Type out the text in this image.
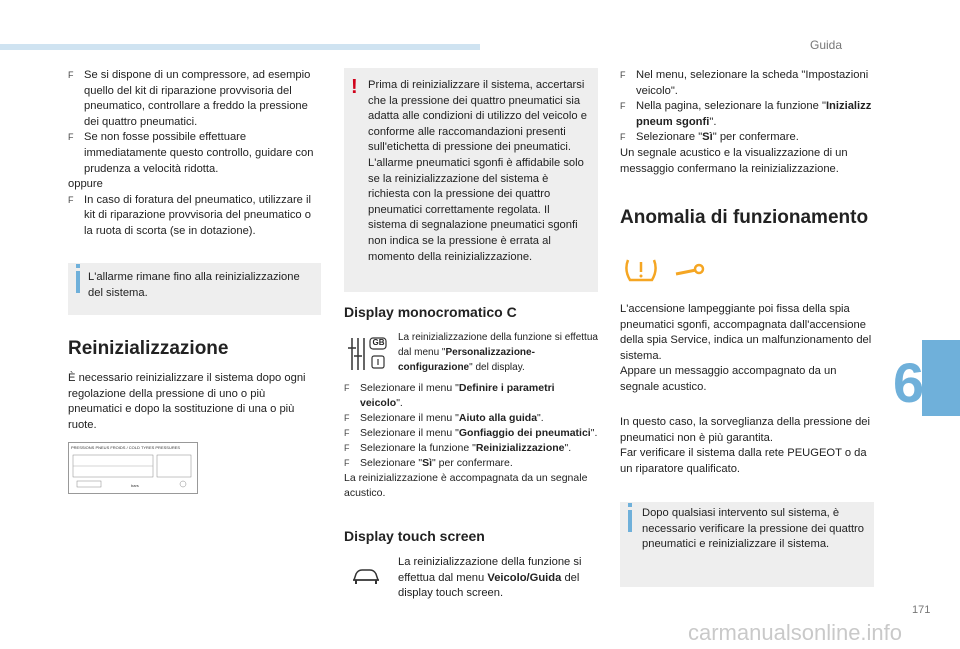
Guida
6
171
carmanualsonline.info

F Se si dispone di un compressore, ad esempio quello del kit di riparazione provvisoria del pneumatico, controllare a freddo la pressione dei quattro pneumatici.

F Se non fosse possibile effettuare immediatamente questo controllo, guidare con prudenza a velocità ridotta.

oppure

F In caso di foratura del pneumatico, utilizzare il kit di riparazione provvisoria del pneumatico o la ruota di scorta (se in dotazione).

L'allarme rimane fino alla reinizializzazione del sistema.
Reinizializzazione
È necessario reinizializzare il sistema dopo ogni regolazione della pressione di uno o più pneumatici e dopo la sostituzione di una o più ruote.
PRESSIONS PNEUS FROIDS / COLD TYRES PRESSURES
bars
! Prima di reinizializzare il sistema, accertarsi che la pressione dei quattro pneumatici sia adatta alle condizioni di utilizzo del veicolo e conforme alle raccomandazioni presenti sull'etichetta di pressione dei pneumatici. L'allarme pneumatici sgonfi è affidabile solo se la reinizializzazione del sistema è richiesta con la pressione dei quattro pneumatici correttamente regolata. Il sistema di segnalazione pneumatici sgonfi non indica se la pressione è errata al momento della reinizializzazione.
Display monocromatico C
GB La reinizializzazione della funzione si effettua dal menu "Personalizzazione-configurazione" del display.

F Selezionare il menu "Definire i parametri veicolo".

F Selezionare il menu "Aiuto alla guida".

F Selezionare il menu "Gonfiaggio dei pneumatici".

F Selezionare la funzione "Reinizializzazione".

F Selezionare "Sì" per confermare.

La reinizializzazione è accompagnata da un segnale acustico.

Display touch screen
La reinizializzazione della funzione si effettua dal menu Veicolo/Guida del display touch screen.

F Nel menu, selezionare la scheda "Impostazioni veicolo".

F Nella pagina, selezionare la funzione "Inizializz pneum sgonfi".

F Selezionare "Sì" per confermare.

Un segnale acustico e la visualizzazione di un messaggio confermano la reinizializzazione.

Anomalia di funzionamento

L'accensione lampeggiante poi fissa della spia pneumatici sgonfi, accompagnata dall'accensione della spia Service, indica un malfunzionamento del sistema.

Appare un messaggio accompagnato da un segnale acustico.

In questo caso, la sorveglianza della pressione dei pneumatici non è più garantita.

Far verificare il sistema dalla rete PEUGEOT o da un riparatore qualificato.

Dopo qualsiasi intervento sul sistema, è necessario verificare la pressione dei quattro pneumatici e reinizializzare il sistema.
